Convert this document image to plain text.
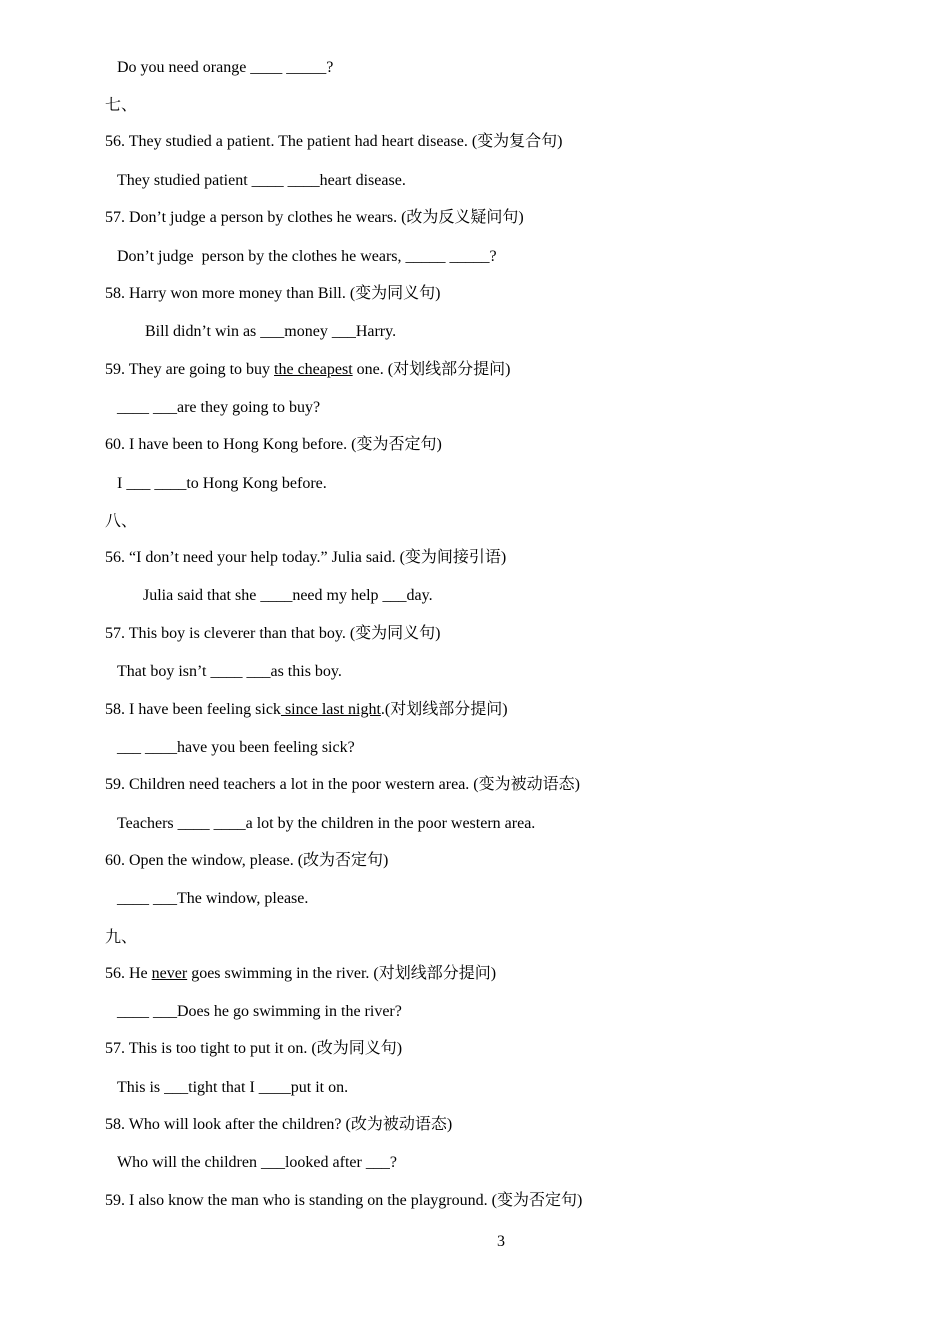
Do you need orange ____ _____?
七、
56. They studied a patient. The patient had heart disease. (变为复合句)
They studied patient ____ ____heart disease.
57. Don’t judge a person by clothes he wears. (改为反义疑问句)
Don’t judge  person by the clothes he wears, _____ _____?
58. Harry won more money than Bill. (变为同义句)
Bill didn’t win as ___money ___Harry.
59. They are going to buy the cheapest one. (对划线部分提问)
____ ___are they going to buy?
60. I have been to Hong Kong before. (变为否定句)
I ___ ____to Hong Kong before.
八、
56. “I don’t need your help today.” Julia said. (变为间接引语)
Julia said that she ____need my help ___day.
57. This boy is cleverer than that boy. (变为同义句)
That boy isn’t ____ ___as this boy.
58. I have been feeling sick since last night.(对划线部分提问)
___ ____have you been feeling sick?
59. Children need teachers a lot in the poor western area. (变为被动语态)
Teachers ____ ____a lot by the children in the poor western area.
60. Open the window, please. (改为否定句)
____ ___The window, please.
九、
56. He never goes swimming in the river. (对划线部分提问)
____ ___Does he go swimming in the river?
57. This is too tight to put it on. (改为同义句)
This is ___tight that I ____put it on.
58. Who will look after the children? (改为被动语态)
Who will the children ___looked after ___?
59. I also know the man who is standing on the playground. (变为否定句)
3
